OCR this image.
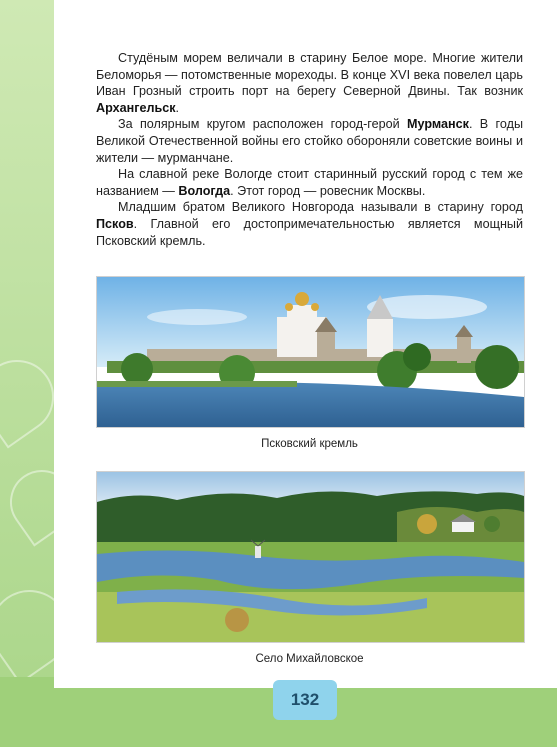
Студёным морем величали в старину Белое море. Многие жители Беломорья — потомственные мореходы. В конце XVI века повелел царь Иван Грозный строить порт на берегу Северной Двины. Так возник Архангельск.

За полярным кругом расположен город-герой Мурманск. В годы Великой Отечественной войны его стойко обороняли советские воины и жители — мурманчане.

На славной реке Вологде стоит старинный русский город с тем же названием — Вологда. Этот город — ровесник Москвы.

Младшим братом Великого Новгорода называли в старину город Псков. Главной его достопримечательностью является мощный Псковский кремль.

Псковский кремль
Село Михайловское
132
